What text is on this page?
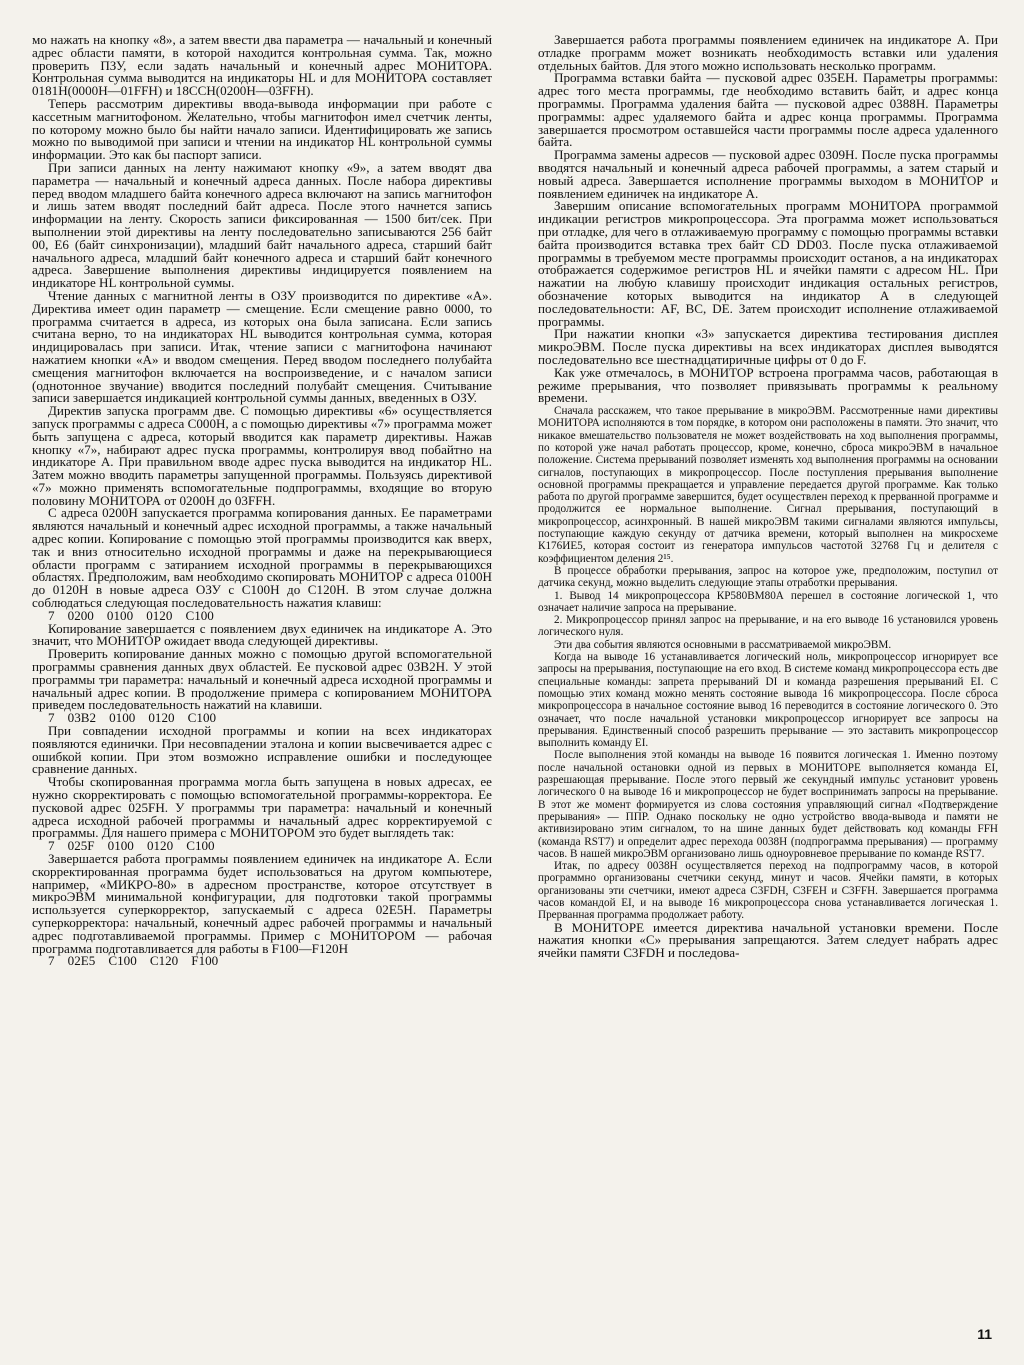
мо нажать на кнопку «8», а затем ввести два параметра — начальный и конечный адрес области памяти, в которой находится контрольная сумма. Так, можно проверить ПЗУ, если задать начальный и конечный адрес МОНИТОРА. Контрольная сумма выводится на индикаторы HL и для МОНИТОРА составляет 0181H(0000H—01FFH) и 18CCH(0200H—03FFH).

Теперь рассмотрим директивы ввода-вывода информации при работе с кассетным магнитофоном. Желательно, чтобы магнитофон имел счетчик ленты, по которому можно было бы найти начало записи. Идентифицировать же запись можно по выводимой при записи и чтении на индикатор HL контрольной суммы информации. Это как бы паспорт записи.

При записи данных на ленту нажимают кнопку «9», а затем вводят два параметра — начальный и конечный адреса данных. После набора директивы перед вводом младшего байта конечного адреса включают на запись магнитофон и лишь затем вводят последний байт адреса. После этого начнется запись информации на ленту. Скорость записи фиксированная — 1500 бит/сек. При выполнении этой директивы на ленту последовательно записываются 256 байт 00, E6 (байт синхронизации), младший байт начального адреса, старший байт начального адреса, младший байт конечного адреса и старший байт конечного адреса. Завершение выполнения директивы индицируется появлением на индикаторе HL контрольной суммы.

Чтение данных с магнитной ленты в ОЗУ производится по директиве «А». Директива имеет один параметр — смещение. Если смещение равно 0000, то программа считается в адреса, из которых она была записана. Если запись считана верно, то на индикаторах HL выводится контрольная сумма, которая индицировалась при записи. Итак, чтение записи с магнитофона начинают нажатием кнопки «А» и вводом смещения. Перед вводом последнего полубайта смещения магнитофон включается на воспроизведение, и с началом записи (однотонное звучание) вводится последний полубайт смещения. Считывание записи завершается индикацией контрольной суммы данных, введенных в ОЗУ.

Директив запуска программ две. С помощью директивы «6» осуществляется запуск программы с адреса C000H, а с помощью директивы «7» программа может быть запущена с адреса, который вводится как параметр директивы. Нажав кнопку «7», набирают адрес пуска программы, контролируя ввод побайтно на индикаторе А. При правильном вводе адрес пуска выводится на индикатор HL. Затем можно вводить параметры запущенной программы. Пользуясь директивой «7» можно применять вспомогательные подпрограммы, входящие во вторую половину МОНИТОРА от 0200H до 03FFH.

С адреса 0200H запускается программа копирования данных. Ее параметрами являются начальный и конечный адрес исходной программы, а также начальный адрес копии. Копирование с помощью этой программы производится как вверх, так и вниз относительно исходной программы и даже на перекрывающиеся области программ с затиранием исходной программы в перекрывающихся областях. Предположим, вам необходимо скопировать МОНИТОР с адреса 0100H до 0120H в новые адреса ОЗУ с C100H до C120H. В этом случае должна соблюдаться следующая последовательность нажатия клавиш:

7    0200    0100    0120    C100

Копирование завершается с появлением двух единичек на индикаторе А. Это значит, что МОНИТОР ожидает ввода следующей директивы.

Проверить копирование данных можно с помощью другой вспомогательной программы сравнения данных двух областей. Ее пусковой адрес 03B2H. У этой программы три параметра: начальный и конечный адреса исходной программы и начальный адрес копии. В продолжение примера с копированием МОНИТОРА приведем последовательность нажатий на клавиши.

7    03B2    0100    0120    C100

При совпадении исходной программы и копии на всех индикаторах появляются единички. При несовпадении эталона и копии высвечивается адрес с ошибкой копии. При этом возможно исправление ошибки и последующее сравнение данных.

Чтобы скопированная программа могла быть запущена в новых адресах, ее нужно скорректировать с помощью вспомогательной программы-корректора. Ее пусковой адрес 025FH. У программы три параметра: начальный и конечный адреса исходной рабочей программы и начальный адрес корректируемой с программы. Для нашего примера с МОНИТОРОМ это будет выглядеть так:

7    025F    0100    0120    C100

Завершается работа программы появлением единичек на индикаторе А. Если скорректированная программа будет использоваться на другом компьютере, например, «МИКРО-80» в адресном пространстве, которое отсутствует в микроЭВМ минимальной конфигурации, для подготовки такой программы используется суперкорректор, запускаемый с адреса 02E5H. Параметры суперкорректора: начальный, конечный адрес рабочей программы и начальный адрес подготавливаемой программы. Пример с МОНИТОРОМ — рабочая программа подготавливается для работы в F100—F120H

7    02E5    C100    C120    F100

Завершается работа программы появлением единичек на индикаторе А. При отладке программ может возникать необходимость вставки или удаления отдельных байтов. Для этого можно использовать несколько программ.

Программа вставки байта — пусковой адрес 035EH. Параметры программы: адрес того места программы, где необходимо вставить байт, и адрес конца программы. Программа удаления байта — пусковой адрес 0388H. Параметры программы: адрес удаляемого байта и адрес конца программы. Программа завершается просмотром оставшейся части программы после адреса удаленного байта.

Программа замены адресов — пусковой адрес 0309H. После пуска программы вводятся начальный и конечный адреса рабочей программы, а затем старый и новый адреса. Завершается исполнение программы выходом в МОНИТОР и появлением единичек на индикаторе А.

Завершим описание вспомогательных программ МОНИТОРА программой индикации регистров микропроцессора. Эта программа может использоваться при отладке, для чего в отлаживаемую программу с помощью программы вставки байта производится вставка трех байт CD DD03. После пуска отлаживаемой программы в требуемом месте программы происходит останов, а на индикаторах отображается содержимое регистров HL и ячейки памяти с адресом HL. При нажатии на любую клавишу происходит индикация остальных регистров, обозначение которых выводится на индикатор А в следующей последовательности: AF, BC, DE. Затем происходит исполнение отлаживаемой программы.

При нажатии кнопки «3» запускается директива тестирования дисплея микроЭВМ. После пуска директивы на всех индикаторах дисплея выводятся последовательно все шестнадцатиричные цифры от 0 до F.

Как уже отмечалось, в МОНИТОР встроена программа часов, работающая в режиме прерывания, что позволяет привязывать программы к реальному времени.

Сначала расскажем, что такое прерывание в микроЭВМ. Рассмотренные нами директивы МОНИТОРА исполняются в том порядке, в котором они расположены в памяти. Это значит, что никакое вмешательство пользователя не может воздействовать на ход выполнения программы, по которой уже начал работать процессор, кроме, конечно, сброса микроЭВМ в начальное положение. Система прерываний позволяет изменять ход выполнения программы на основании сигналов, поступающих в микропроцессор. После поступления прерывания выполнение основной программы прекращается и управление передается другой программе. Как только работа по другой программе завершится, будет осуществлен переход к прерванной программе и продолжится ее нормальное выполнение. Сигнал прерывания, поступающий в микропроцессор, асинхронный. В нашей микроЭВМ такими сигналами являются импульсы, поступающие каждую секунду от датчика времени, который выполнен на микросхеме К176ИЕ5, которая состоит из генератора импульсов частотой 32768 Гц и делителя с коэффициентом деления 2¹⁵.

В процессе обработки прерывания, запрос на которое уже, предположим, поступил от датчика секунд, можно выделить следующие этапы отработки прерывания.

1. Вывод 14 микропроцессора КР580ВМ80А перешел в состояние логической 1, что означает наличие запроса на прерывание.

2. Микропроцессор принял запрос на прерывание, и на его выводе 16 установился уровень логического нуля.

Эти два события являются основными в рассматриваемой микроЭВМ.

Когда на выводе 16 устанавливается логический ноль, микропроцессор игнорирует все запросы на прерывания, поступающие на его вход. В системе команд микропроцессора есть две специальные команды: запрета прерываний DI и команда разрешения прерываний EI. С помощью этих команд можно менять состояние вывода 16 микропроцессора. После сброса микропроцессора в начальное состояние вывод 16 переводится в состояние логического 0. Это означает, что после начальной установки микропроцессор игнорирует все запросы на прерывания. Единственный способ разрешить прерывание — это заставить микропроцессор выполнить команду EI.

После выполнения этой команды на выводе 16 появится логическая 1. Именно поэтому после начальной остановки одной из первых в МОНИТОРЕ выполняется команда EI, разрешающая прерывание. После этого первый же секундный импульс установит уровень логического 0 на выводе 16 и микропроцессор не будет воспринимать запросы на прерывание. В этот же момент формируется из слова состояния управляющий сигнал «Подтверждение прерывания» — ППР. Однако поскольку не одно устройство ввода-вывода и памяти не активизировано этим сигналом, то на шине данных будет действовать код команды FFH (команда RST7) и определит адрес перехода 0038H (подпрограмма прерывания) — программу часов. В нашей микроЭВМ организовано лишь одноуровневое прерывание по команде RST7.

Итак, по адресу 0038H осуществляется переход на подпрограмму часов, в которой программно организованы счетчики секунд, минут и часов. Ячейки памяти, в которых организованы эти счетчики, имеют адреса C3FDH, C3FEH и C3FFH. Завершается программа часов командой EI, и на выводе 16 микропроцессора снова устанавливается логическая 1. Прерванная программа продолжает работу.

В МОНИТОРЕ имеется директива начальной установки времени. После нажатия кнопки «С» прерывания запрещаются. Затем следует набрать адрес ячейки памяти C3FDH и последова-

11
